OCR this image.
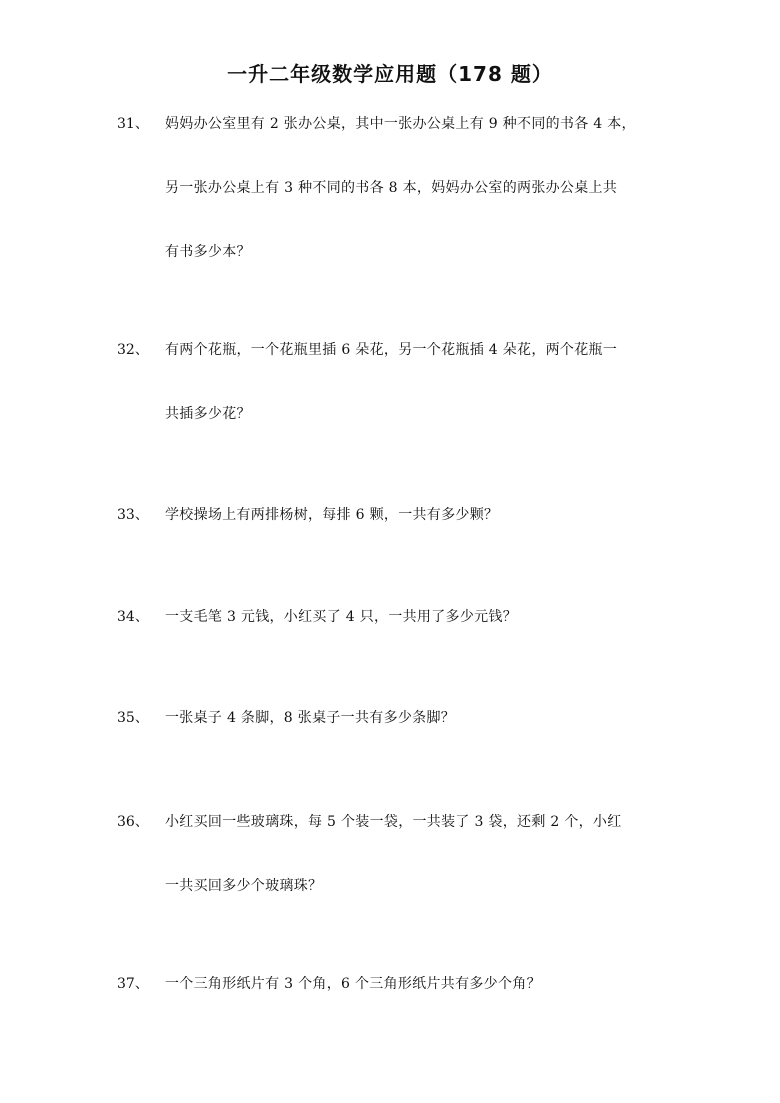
一升二年级数学应用题（178 题）
31、 妈妈办公室里有 2 张办公桌，其中一张办公桌上有 9 种不同的书各 4 本，
另一张办公桌上有 3 种不同的书各 8 本，妈妈办公室的两张办公桌上共
有书多少本？
32、 有两个花瓶，一个花瓶里插 6 朵花，另一个花瓶插 4 朵花，两个花瓶一
共插多少花？
33、 学校操场上有两排杨树，每排 6 颗，一共有多少颗？
34、 一支毛笔 3 元钱，小红买了 4 只，一共用了多少元钱？
35、 一张桌子 4 条脚，8 张桌子一共有多少条脚？
36、 小红买回一些玻璃珠，每 5 个装一袋，一共装了 3 袋，还剩 2 个，小红
一共买回多少个玻璃珠？
37、 一个三角形纸片有 3 个角，6 个三角形纸片共有多少个角？
